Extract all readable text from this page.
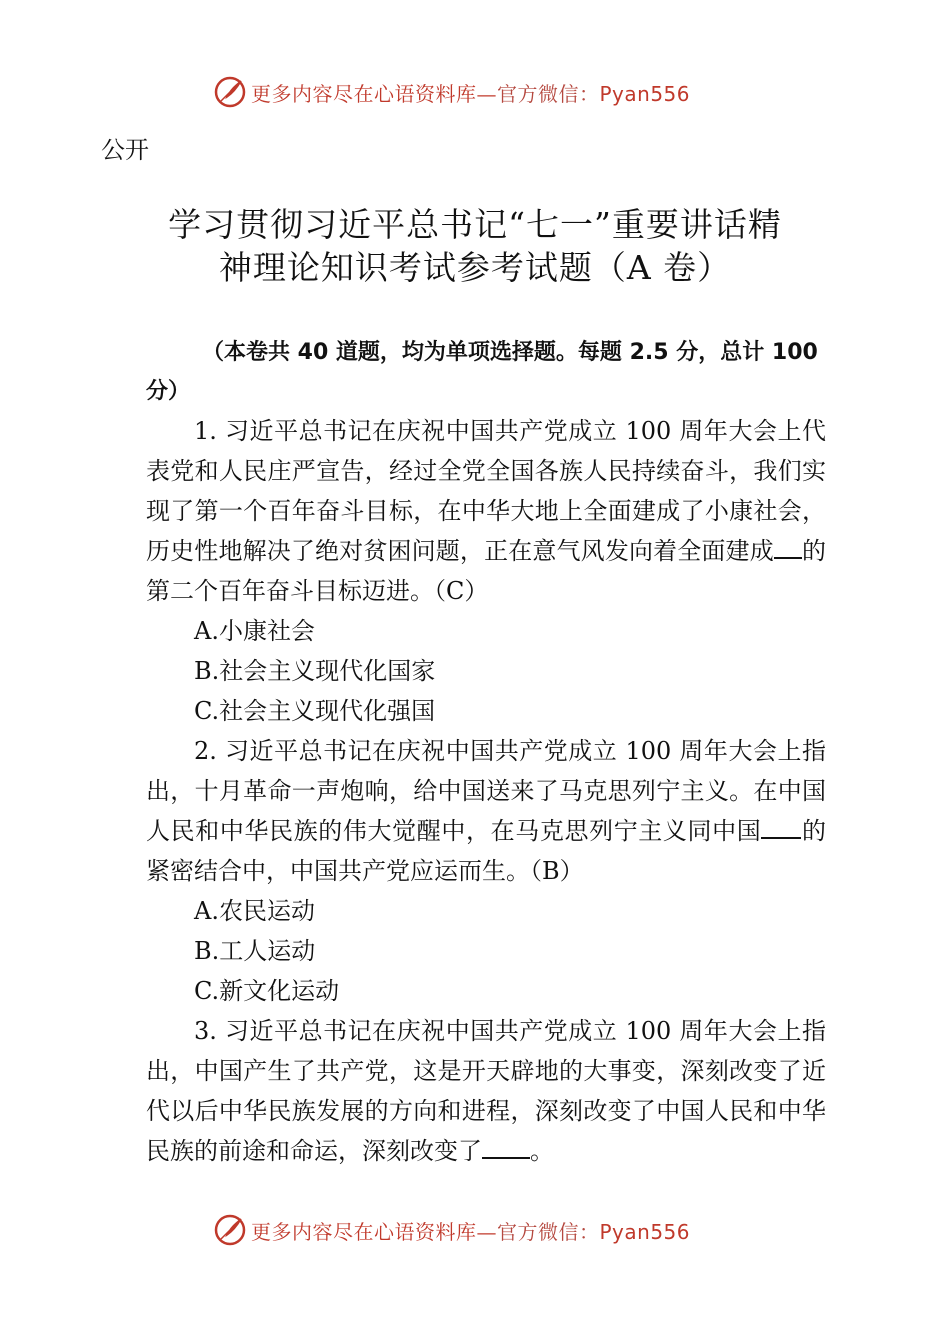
更多内容尽在心语资料库—官方微信：Pyan556
公开
学习贯彻习近平总书记“七一”重要讲话精
神理论知识考试参考试题（A 卷）

（本卷共 40 道题，均为单项选择题。每题 2.5 分，总计 100 分）

1. 习近平总书记在庆祝中国共产党成立 100 周年大会上代表党和人民庄严宣告，经过全党全国各族人民持续奋斗，我们实现了第一个百年奋斗目标，在中华大地上全面建成了小康社会，历史性地解决了绝对贫困问题，正在意气风发向着全面建成 的第二个百年奋斗目标迈进。（C）

A.小康社会

B.社会主义现代化国家

C.社会主义现代化强国

2. 习近平总书记在庆祝中国共产党成立 100 周年大会上指出，十月革命一声炮响，给中国送来了马克思列宁主义。在中国人民和中华民族的伟大觉醒中，在马克思列宁主义同中国 的紧密结合中，中国共产党应运而生。（B）

A.农民运动

B.工人运动

C.新文化运动

3. 习近平总书记在庆祝中国共产党成立 100 周年大会上指出，中国产生了共产党，这是开天辟地的大事变，深刻改变了近代以后中华民族发展的方向和进程，深刻改变了中国人民和中华民族的前途和命运，深刻改变了 。

更多内容尽在心语资料库—官方微信：Pyan556
